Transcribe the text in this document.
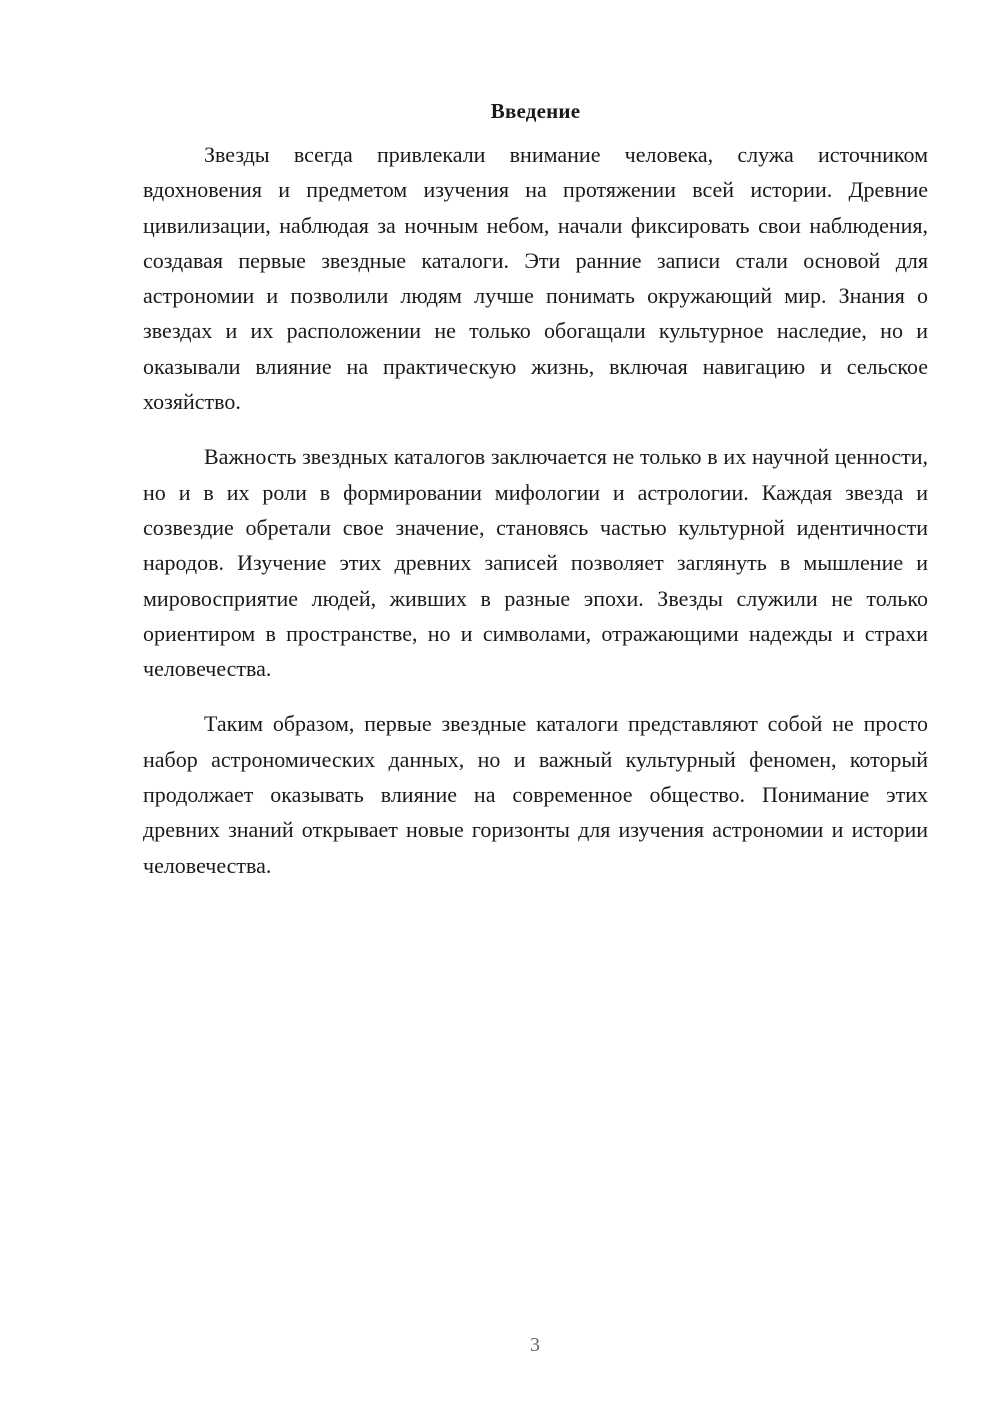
Введение

Звезды всегда привлекали внимание человека, служа источником вдохновения и предметом изучения на протяжении всей истории. Древние цивилизации, наблюдая за ночным небом, начали фиксировать свои наблюдения, создавая первые звездные каталоги. Эти ранние записи стали основой для астрономии и позволили людям лучше понимать окружающий мир. Знания о звездах и их расположении не только обогащали культурное наследие, но и оказывали влияние на практическую жизнь, включая навигацию и сельское хозяйство.

Важность звездных каталогов заключается не только в их научной ценности, но и в их роли в формировании мифологии и астрологии. Каждая звезда и созвездие обретали свое значение, становясь частью культурной идентичности народов. Изучение этих древних записей позволяет заглянуть в мышление и мировосприятие людей, живших в разные эпохи. Звезды служили не только ориентиром в пространстве, но и символами, отражающими надежды и страхи человечества.

Таким образом, первые звездные каталоги представляют собой не просто набор астрономических данных, но и важный культурный феномен, который продолжает оказывать влияние на современное общество. Понимание этих древних знаний открывает новые горизонты для изучения астрономии и истории человечества.

3
